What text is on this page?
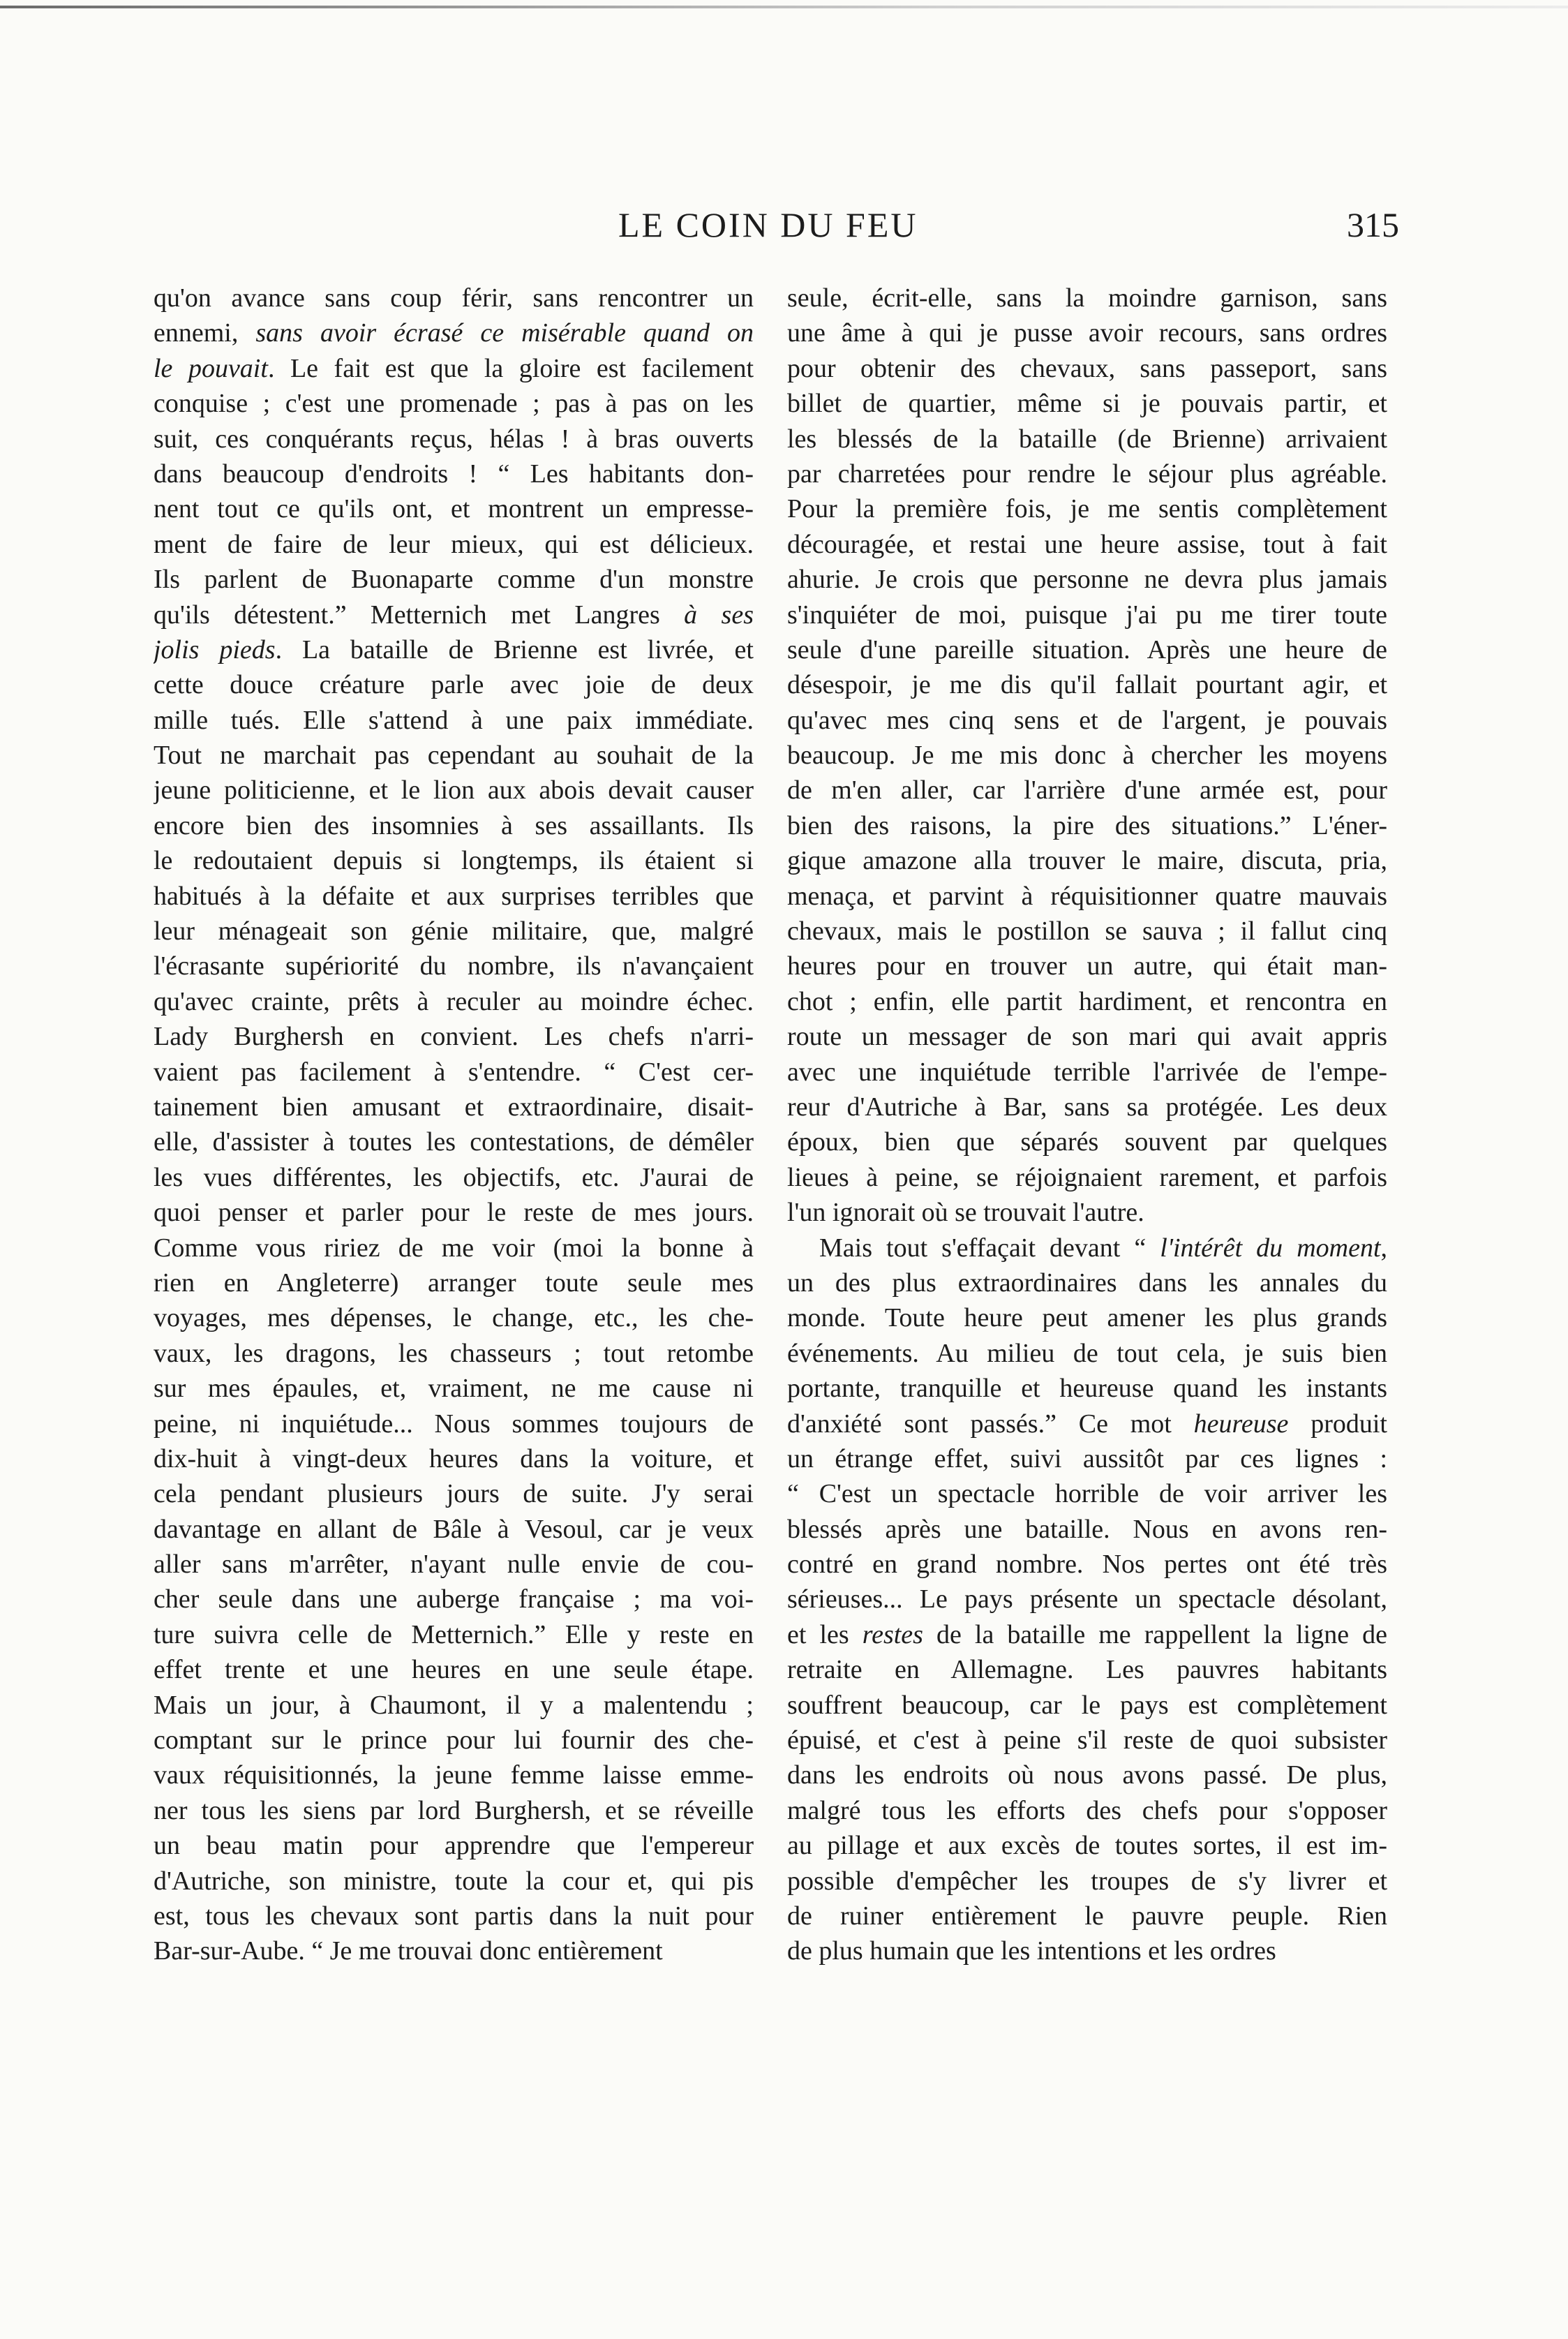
LE COIN DU FEU	315
qu'on avance sans coup férir, sans rencontrer un
ennemi, sans avoir écrasé ce misérable quand on
le pouvait. Le fait est que la gloire est facilement
conquise ; c'est une promenade ; pas à pas on les
suit, ces conquérants reçus, hélas ! à bras ouverts
dans beaucoup d'endroits ! “ Les habitants don-
nent tout ce qu'ils ont, et montrent un empresse-
ment de faire de leur mieux, qui est délicieux.
Ils parlent de Buonaparte comme d'un monstre
qu'ils détestent.” Metternich met Langres à ses
jolis pieds. La bataille de Brienne est livrée, et
cette douce créature parle avec joie de deux
mille tués. Elle s'attend à une paix immédiate.
Tout ne marchait pas cependant au souhait de la
jeune politicienne, et le lion aux abois devait causer
encore bien des insomnies à ses assaillants. Ils
le redoutaient depuis si longtemps, ils étaient si
habitués à la défaite et aux surprises terribles que
leur ménageait son génie militaire, que, malgré
l'écrasante supériorité du nombre, ils n'avançaient
qu'avec crainte, prêts à reculer au moindre échec.
Lady Burghersh en convient. Les chefs n'arri-
vaient pas facilement à s'entendre. “ C'est cer-
tainement bien amusant et extraordinaire, disait-
elle, d'assister à toutes les contestations, de démêler
les vues différentes, les objectifs, etc. J'aurai de
quoi penser et parler pour le reste de mes jours.
Comme vous ririez de me voir (moi la bonne à
rien en Angleterre) arranger toute seule mes
voyages, mes dépenses, le change, etc., les che-
vaux, les dragons, les chasseurs ; tout retombe
sur mes épaules, et, vraiment, ne me cause ni
peine, ni inquiétude... Nous sommes toujours de
dix-huit à vingt-deux heures dans la voiture, et
cela pendant plusieurs jours de suite. J'y serai
davantage en allant de Bâle à Vesoul, car je veux
aller sans m'arrêter, n'ayant nulle envie de cou-
cher seule dans une auberge française ; ma voi-
ture suivra celle de Metternich.” Elle y reste en
effet trente et une heures en une seule étape.
Mais un jour, à Chaumont, il y a malentendu ;
comptant sur le prince pour lui fournir des che-
vaux réquisitionnés, la jeune femme laisse emme-
ner tous les siens par lord Burghersh, et se réveille
un beau matin pour apprendre que l'empereur
d'Autriche, son ministre, toute la cour et, qui pis
est, tous les chevaux sont partis dans la nuit pour
Bar-sur-Aube. “ Je me trouvai donc entièrement
seule, écrit-elle, sans la moindre garnison, sans
une âme à qui je pusse avoir recours, sans ordres
pour obtenir des chevaux, sans passeport, sans
billet de quartier, même si je pouvais partir, et
les blessés de la bataille (de Brienne) arrivaient
par charretées pour rendre le séjour plus agréable.
Pour la première fois, je me sentis complètement
découragée, et restai une heure assise, tout à fait
ahurie. Je crois que personne ne devra plus jamais
s'inquiéter de moi, puisque j'ai pu me tirer toute
seule d'une pareille situation. Après une heure de
désespoir, je me dis qu'il fallait pourtant agir, et
qu'avec mes cinq sens et de l'argent, je pouvais
beaucoup. Je me mis donc à chercher les moyens
de m'en aller, car l'arrière d'une armée est, pour
bien des raisons, la pire des situations.” L'éner-
gique amazone alla trouver le maire, discuta, pria,
menaça, et parvint à réquisitionner quatre mauvais
chevaux, mais le postillon se sauva ; il fallut cinq
heures pour en trouver un autre, qui était man-
chot ; enfin, elle partit hardiment, et rencontra en
route un messager de son mari qui avait appris
avec une inquiétude terrible l'arrivée de l'empe-
reur d'Autriche à Bar, sans sa protégée. Les deux
époux, bien que séparés souvent par quelques
lieues à peine, se réjoignaient rarement, et parfois
l'un ignorait où se trouvait l'autre.
Mais tout s'effaçait devant “ l'intérêt du moment,
un des plus extraordinaires dans les annales du
monde. Toute heure peut amener les plus grands
événements. Au milieu de tout cela, je suis bien
portante, tranquille et heureuse quand les instants
d'anxiété sont passés.” Ce mot heureuse produit
un étrange effet, suivi aussitôt par ces lignes :
“ C'est un spectacle horrible de voir arriver les
blessés après une bataille. Nous en avons ren-
contré en grand nombre. Nos pertes ont été très
sérieuses... Le pays présente un spectacle désolant,
et les restes de la bataille me rappellent la ligne de
retraite en Allemagne. Les pauvres habitants
souffrent beaucoup, car le pays est complètement
épuisé, et c'est à peine s'il reste de quoi subsister
dans les endroits où nous avons passé. De plus,
malgré tous les efforts des chefs pour s'opposer
au pillage et aux excès de toutes sortes, il est im-
possible d'empêcher les troupes de s'y livrer et
de ruiner entièrement le pauvre peuple. Rien
de plus humain que les intentions et les ordres
